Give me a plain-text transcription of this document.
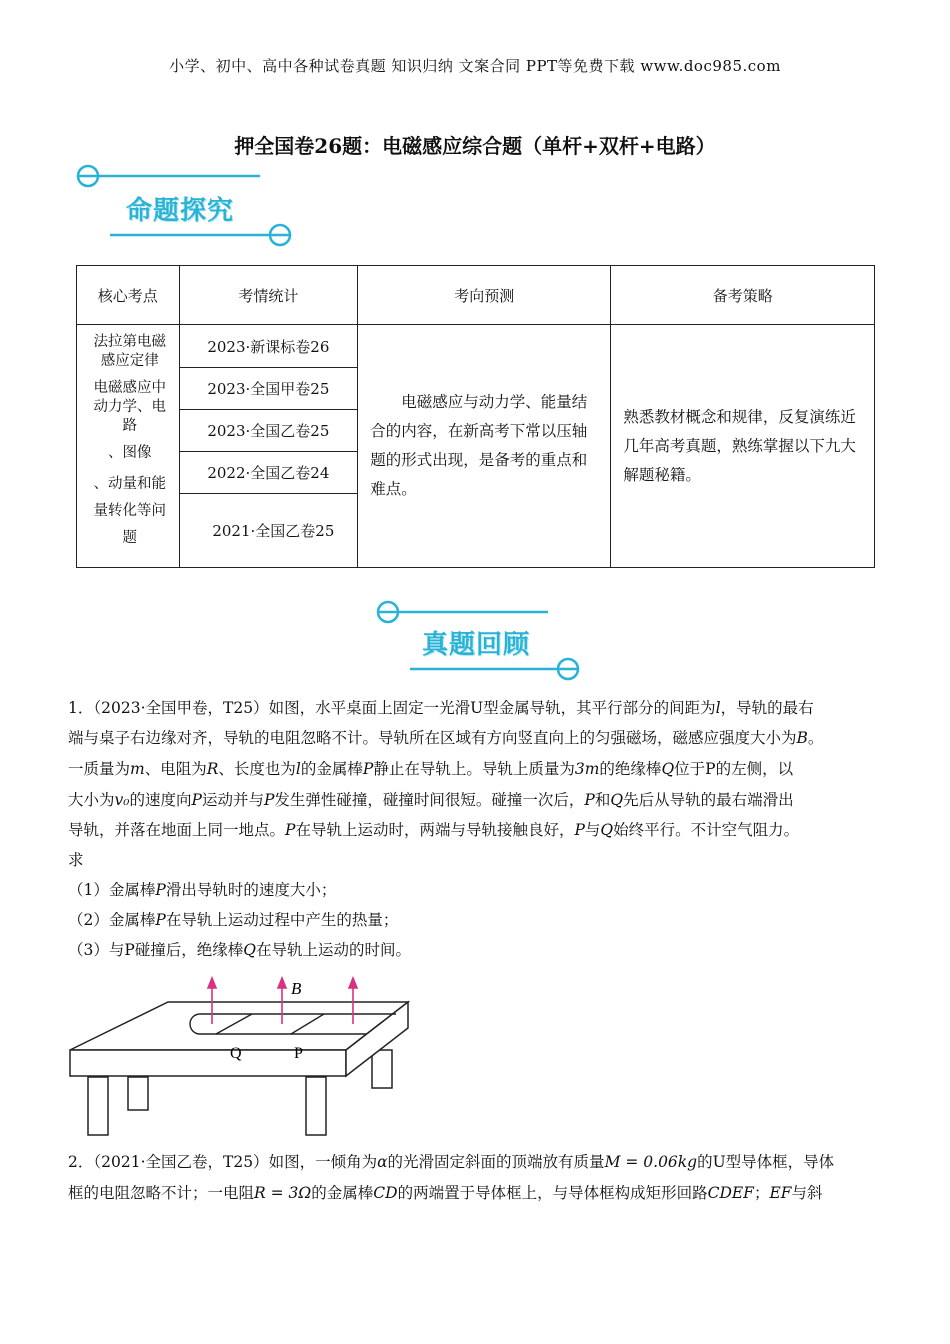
小学、初中、高中各种试卷真题 知识归纳 文案合同 PPT等免费下载 www.doc985.com
押全国卷26题：电磁感应综合题（单杆+双杆+电路）
命题探究
核心考点	考情统计	考向预测	备考策略

法拉第电磁感应定律
电磁感应中动力学、电路
、图像
、动量和能量转化等问题	2023·新课标卷26	电磁感应与动力学、能量结合的内容，在新高考下常以压轴题的形式出现，是备考的重点和难点。	熟悉教材概念和规律，反复演练近几年高考真题，熟练掌握以下九大解题秘籍。

	2023·全国甲卷25		
	2023·全国乙卷25		
	2022·全国乙卷24		
	2021·全国乙卷25		
真题回顾
1．（2023·全国甲卷，T25）如图，水平桌面上固定一光滑U型金属导轨，其平行部分的间距为l，导轨的最右
端与桌子右边缘对齐，导轨的电阻忽略不计。导轨所在区域有方向竖直向上的匀强磁场，磁感应强度大小为B。
一质量为m、电阻为R、长度也为l的金属棒P静止在导轨上。导轨上质量为3m的绝缘棒Q位于P的左侧，以
大小为v₀的速度向P运动并与P发生弹性碰撞，碰撞时间很短。碰撞一次后，P和Q先后从导轨的最右端滑出
导轨，并落在地面上同一地点。P在导轨上运动时，两端与导轨接触良好，P与Q始终平行。不计空气阻力。
求
（1）金属棒P滑出导轨时的速度大小；
（2）金属棒P在导轨上运动过程中产生的热量；
（3）与P碰撞后，绝缘棒Q在导轨上运动的时间。
B
Q	P
2．（2021·全国乙卷，T25）如图，一倾角为α的光滑固定斜面的顶端放有质量M = 0.06kg的U型导体框，导体
框的电阻忽略不计；一电阻R = 3Ω的金属棒CD的两端置于导体框上，与导体框构成矩形回路CDEF；EF与斜
